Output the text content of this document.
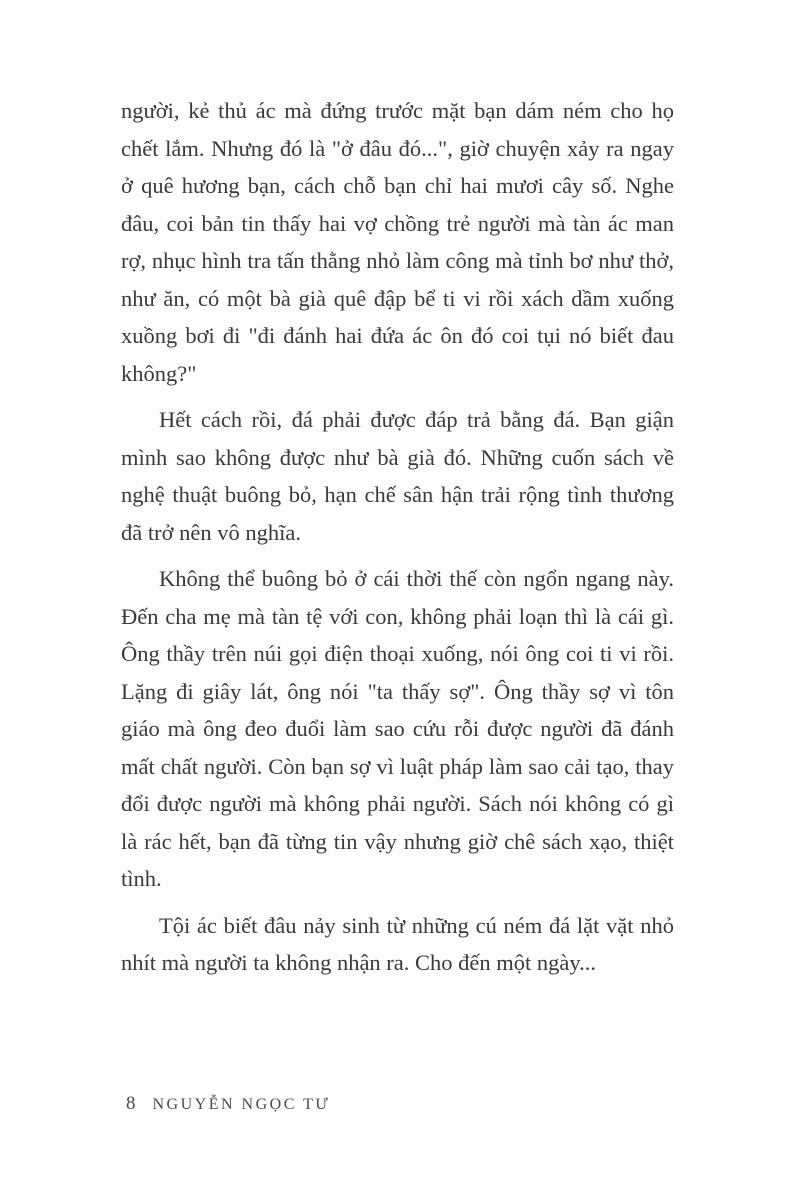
người, kẻ thủ ác mà đứng trước mặt bạn dám ném cho họ chết lắm. Nhưng đó là "ở đâu đó...", giờ chuyện xảy ra ngay ở quê hương bạn, cách chỗ bạn chỉ hai mươi cây số. Nghe đâu, coi bản tin thấy hai vợ chồng trẻ người mà tàn ác man rợ, nhục hình tra tấn thằng nhỏ làm công mà tỉnh bơ như thở, như ăn, có một bà già quê đập bể ti vi rồi xách dầm xuống xuồng bơi đi "đi đánh hai đứa ác ôn đó coi tụi nó biết đau không?"

Hết cách rồi, đá phải được đáp trả bằng đá. Bạn giận mình sao không được như bà già đó. Những cuốn sách về nghệ thuật buông bỏ, hạn chế sân hận trải rộng tình thương đã trở nên vô nghĩa.

Không thể buông bỏ ở cái thời thế còn ngổn ngang này. Đến cha mẹ mà tàn tệ với con, không phải loạn thì là cái gì. Ông thầy trên núi gọi điện thoại xuống, nói ông coi ti vi rồi. Lặng đi giây lát, ông nói "ta thấy sợ". Ông thầy sợ vì tôn giáo mà ông đeo đuổi làm sao cứu rỗi được người đã đánh mất chất người. Còn bạn sợ vì luật pháp làm sao cải tạo, thay đổi được người mà không phải người. Sách nói không có gì là rác hết, bạn đã từng tin vậy nhưng giờ chê sách xạo, thiệt tình.

Tội ác biết đâu nảy sinh từ những cú ném đá lặt vặt nhỏ nhít mà người ta không nhận ra. Cho đến một ngày...

8 NGUYỄN NGỌC TƯ
